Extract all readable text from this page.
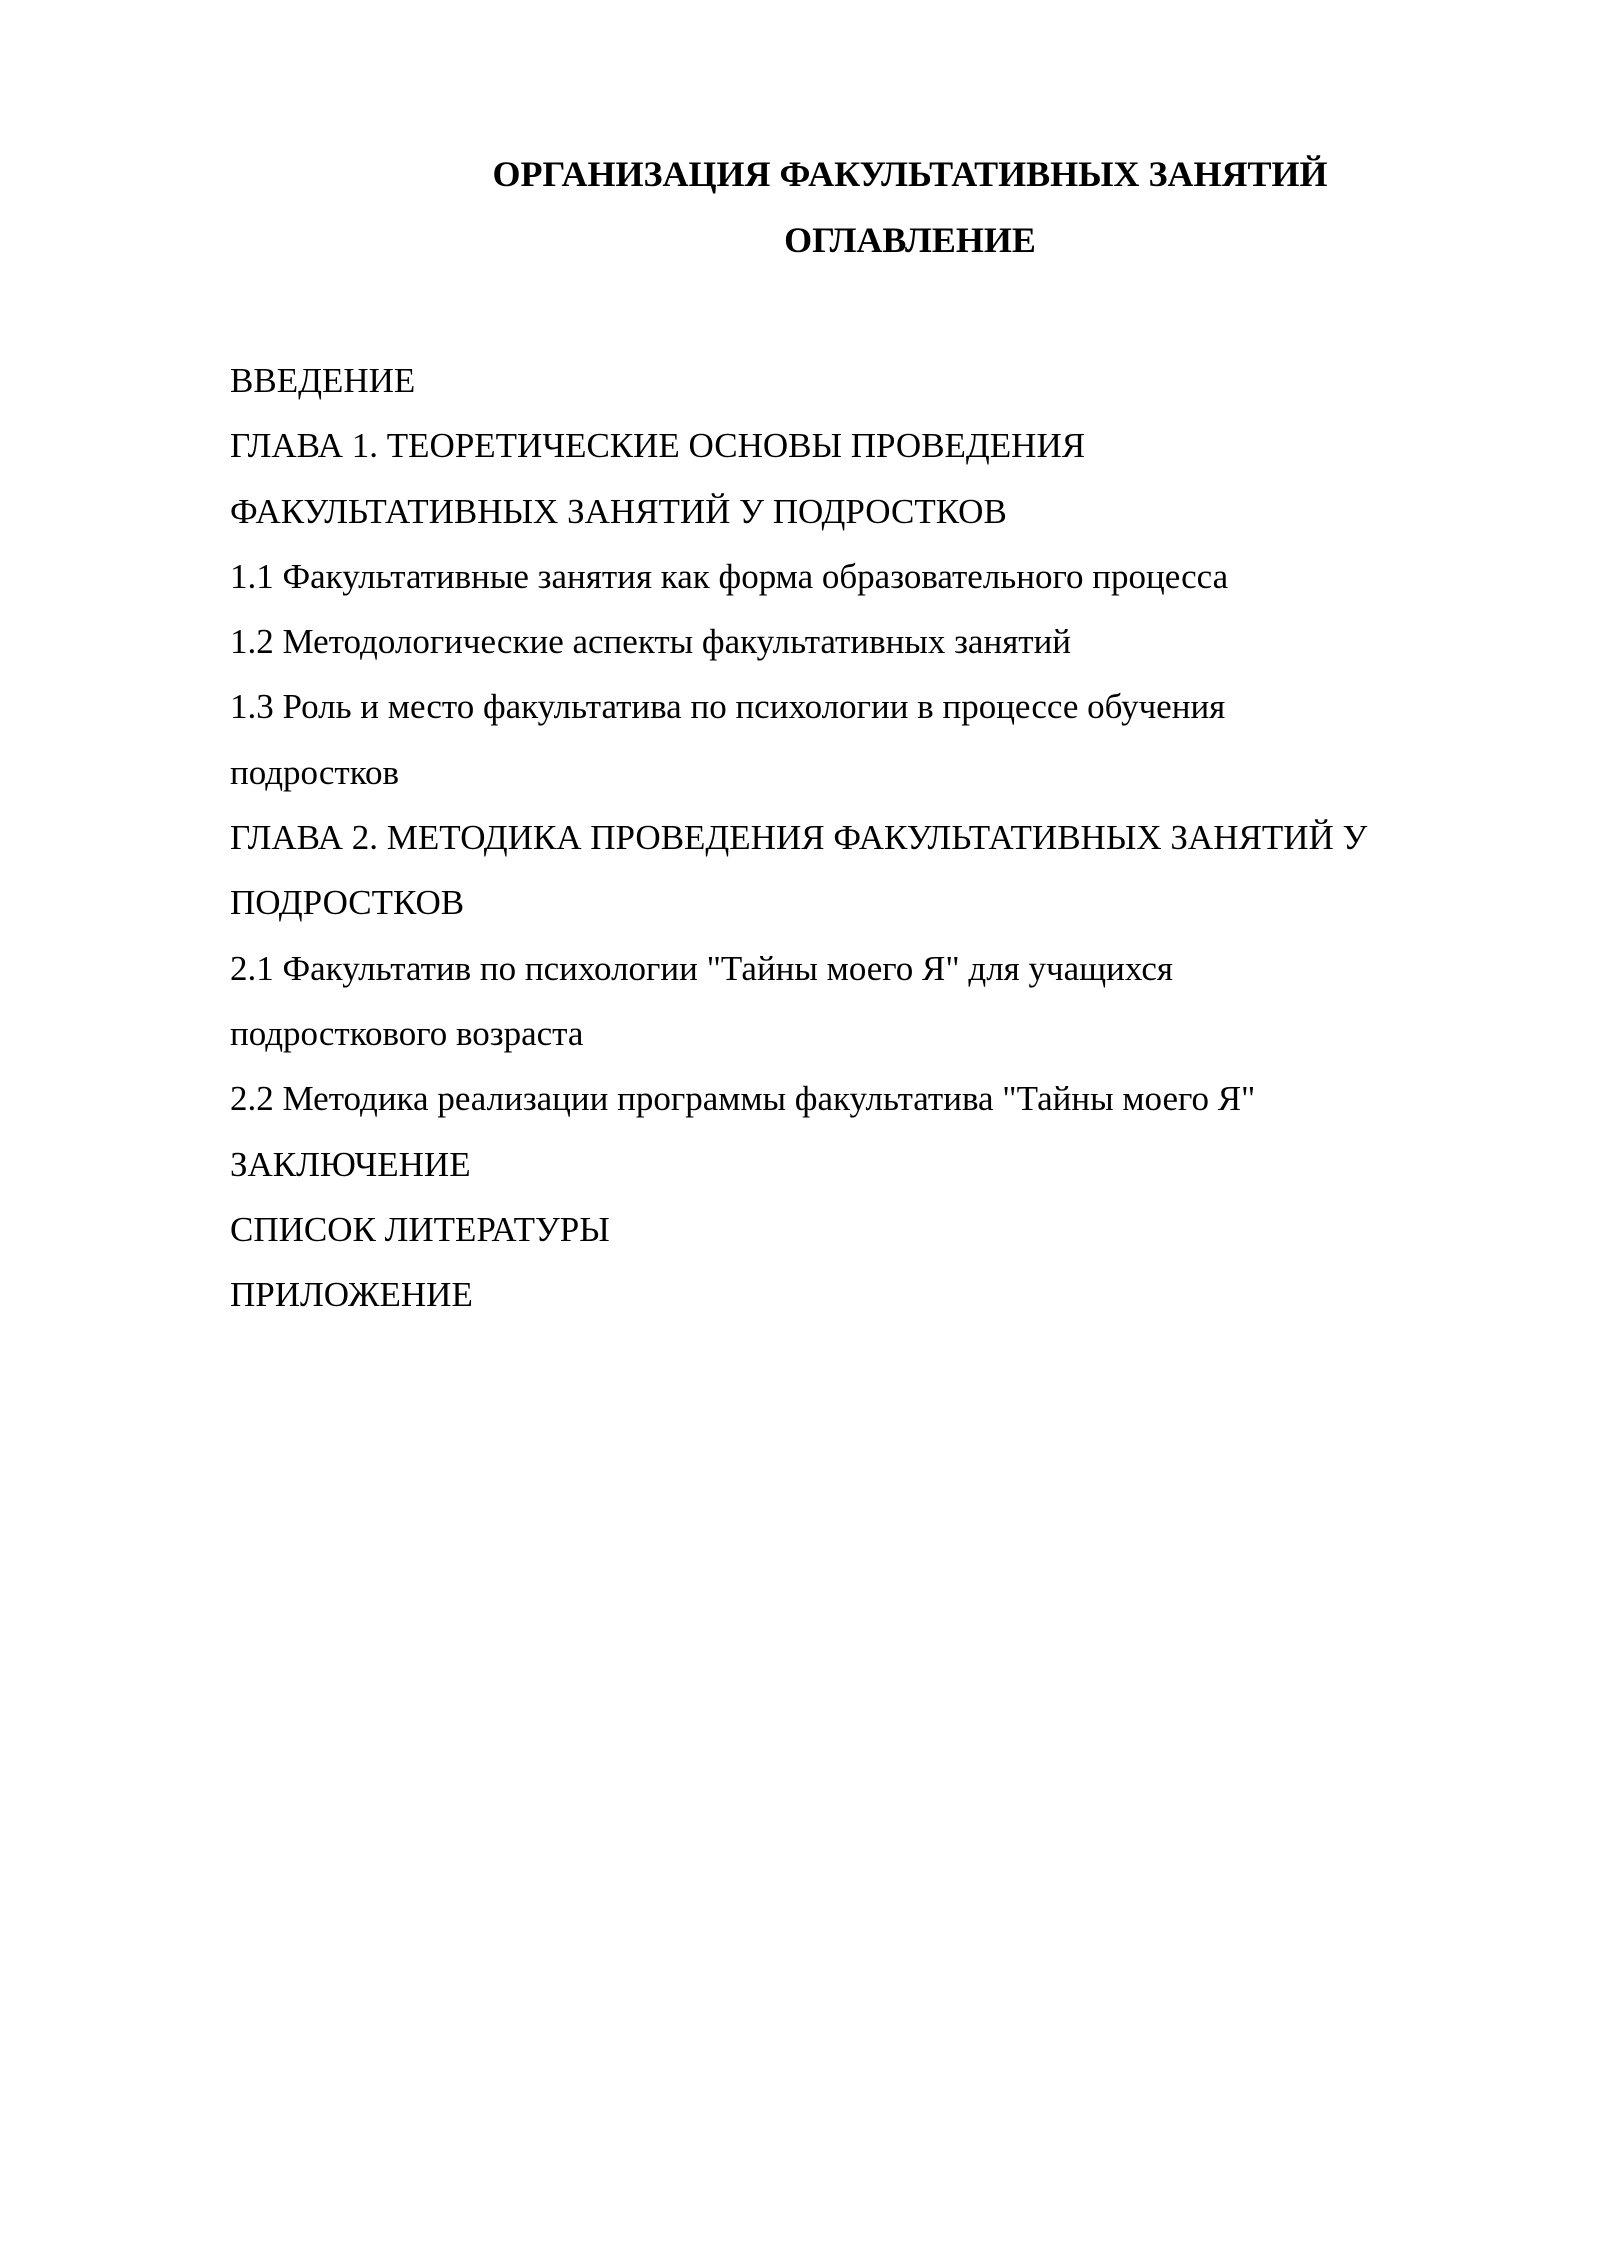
ОРГАНИЗАЦИЯ ФАКУЛЬТАТИВНЫХ ЗАНЯТИЙ
ОГЛАВЛЕНИЕ
ВВЕДЕНИЕ
ГЛАВА 1. ТЕОРЕТИЧЕСКИЕ ОСНОВЫ ПРОВЕДЕНИЯ
ФАКУЛЬТАТИВНЫХ ЗАНЯТИЙ У ПОДРОСТКОВ
1.1 Факультативные занятия как форма образовательного процесса
1.2 Методологические аспекты факультативных занятий
1.3 Роль и место факультатива по психологии в процессе обучения
подростков
ГЛАВА 2. МЕТОДИКА ПРОВЕДЕНИЯ ФАКУЛЬТАТИВНЫХ ЗАНЯТИЙ У
ПОДРОСТКОВ
2.1 Факультатив по психологии "Тайны моего Я" для учащихся
подросткового возраста
2.2 Методика реализации программы факультатива "Тайны моего Я"
ЗАКЛЮЧЕНИЕ
СПИСОК ЛИТЕРАТУРЫ
ПРИЛОЖЕНИЕ
